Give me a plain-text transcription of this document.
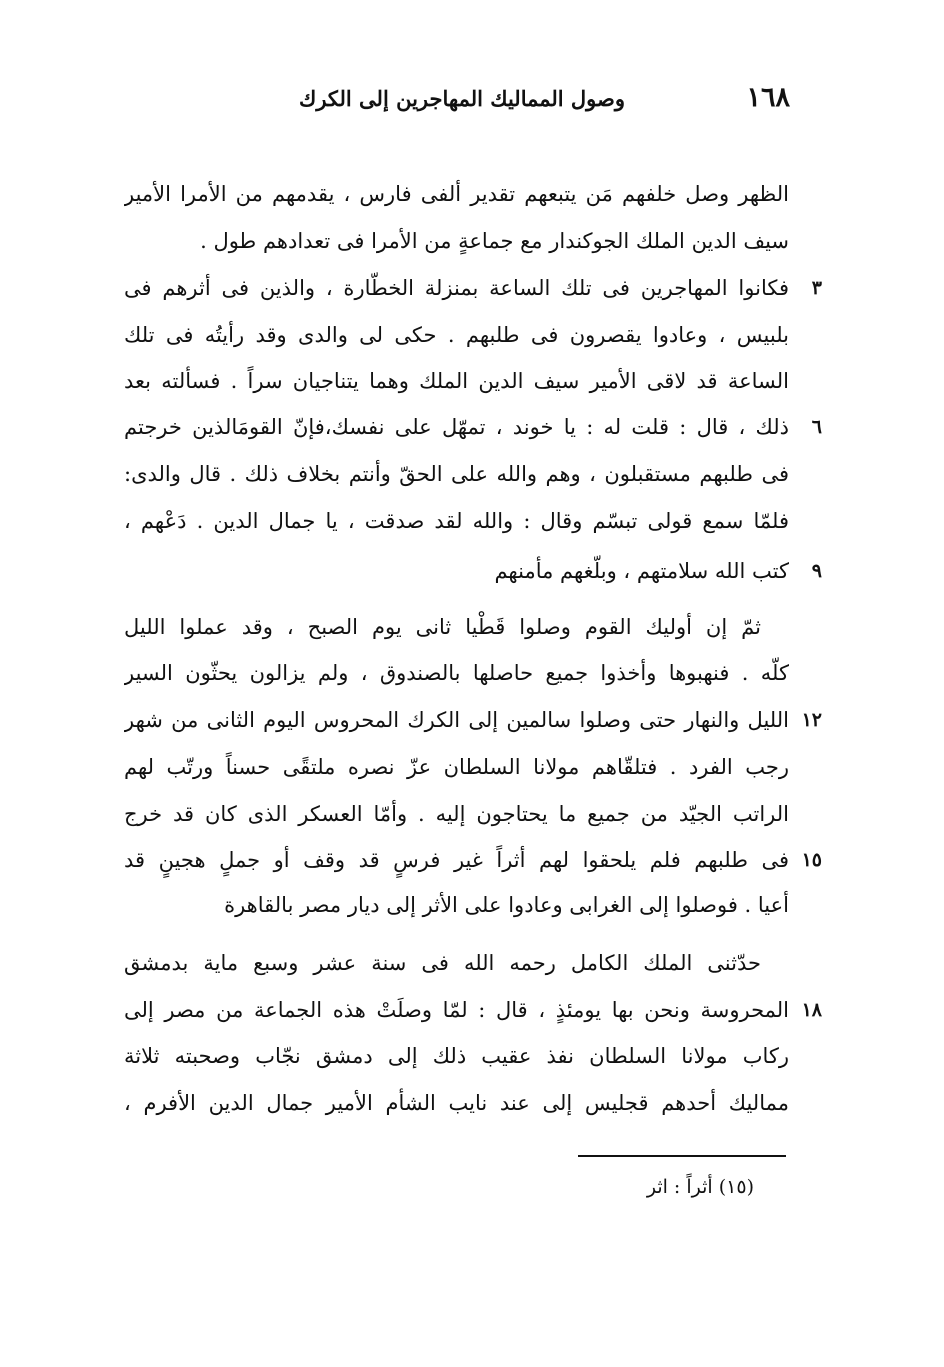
١٦٨
وصول المماليك المهاجرين إلى الكرك
الظهر وصل خلفهم مَن يتبعهم تقدير ألفى فارس ، يقدمهم من الأمرا الأمير
سيف الدين الملك الجوكندار مع جماعةٍ من الأمرا فى تعدادهم طول .
فكانوا المهاجرين فى تلك الساعة بمنزلة الخطّارة ، والذين فى أثرهم فى
بلبيس ، وعادوا يقصرون فى طلبهم . حكى لى والدى وقد رأيتُه فى تلك
الساعة قد لاقى الأمير سيف الدين الملك وهما يتناجيان سراً . فسألته بعد
ذلك ، قال : قلت له : يا خوند ، تمهّل على نفسك،فإنّ القومَالذين خرجتم
فى طلبهم مستقبلون ، وهم والله على الحقّ وأنتم بخلاف ذلك . قال والدى:
فلمّا سمع قولى تبسّم وقال : والله لقد صدقت ، يا جمال الدين . دَعْهم ،
كتب الله سلامتهم ، وبلّغهم مأمنهم
ثمّ إن أوليك القوم وصلوا قَطْيا ثانى يوم الصبح ، وقد عملوا الليل
كلّه . فنهبوها وأخذوا جميع حاصلها بالصندوق ، ولم يزالون يحثّون السير
الليل والنهار حتى وصلوا سالمين إلى الكرك المحروس اليوم الثانى من شهر
رجب الفرد . فتلقّاهم مولانا السلطان عزّ نصره ملتقًى حسناً ورتّب لهم
الراتب الجيّد من جميع ما يحتاجون إليه . وأمّا العسكر الذى كان قد خرج
فى طلبهم فلم يلحقوا لهم أثراً غير فرسٍ قد وقف أو جملٍ هجينٍ قد
أعيا . فوصلوا إلى الغرابى وعادوا على الأثر إلى ديار مصر بالقاهرة
حدّثنى الملك الكامل رحمه الله فى سنة عشر وسبع ماية بدمشق
المحروسة ونحن بها يومئذٍ ، قال : لمّا وصلَتْ هذه الجماعة من مصر إلى
ركاب مولانا السلطان نفذ عقيب ذلك إلى دمشق نجّاب وصحبته ثلاثة
مماليك أحدهم قجليس إلى عند نايب الشأم الأمير جمال الدين الأفرم ،
٣
٦
٩
١٢
١٥
١٨
(١٥) أثراً : اثر
